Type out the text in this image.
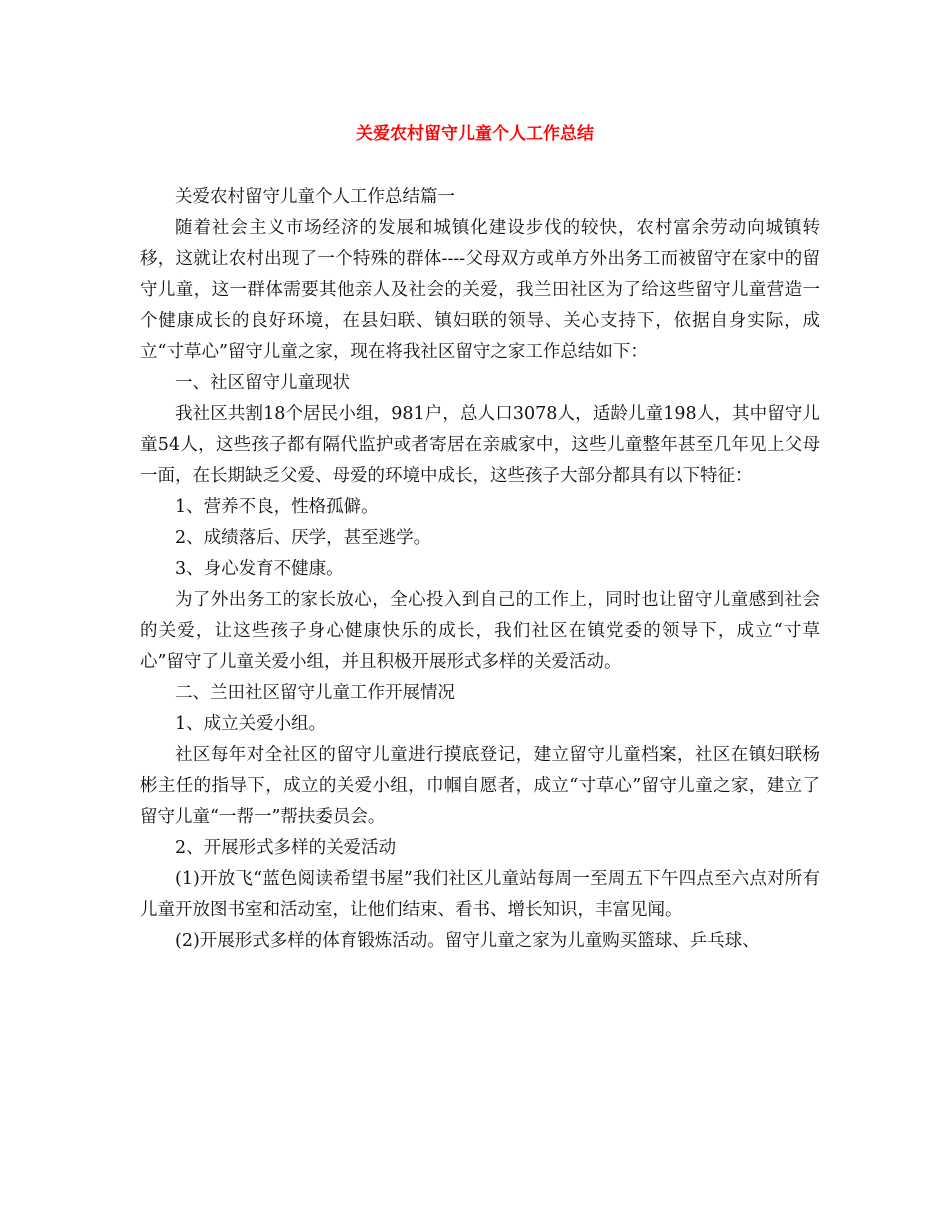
关爱农村留守儿童个人工作总结

关爱农村留守儿童个人工作总结篇一

随着社会主义市场经济的发展和城镇化建设步伐的较快，农村富余劳动向城镇转移，这就让农村出现了一个特殊的群体----父母双方或单方外出务工而被留守在家中的留守儿童，这一群体需要其他亲人及社会的关爱，我兰田社区为了给这些留守儿童营造一个健康成长的良好环境，在县妇联、镇妇联的领导、关心支持下，依据自身实际，成立“寸草心”留守儿童之家，现在将我社区留守之家工作总结如下：

一、社区留守儿童现状

我社区共割18个居民小组，981户，总人口3078人，适龄儿童198人，其中留守儿童54人，这些孩子都有隔代监护或者寄居在亲戚家中，这些儿童整年甚至几年见上父母一面，在长期缺乏父爱、母爱的环境中成长，这些孩子大部分都具有以下特征：

1、营养不良，性格孤僻。

2、成绩落后、厌学，甚至逃学。

3、身心发育不健康。

为了外出务工的家长放心，全心投入到自己的工作上，同时也让留守儿童感到社会的关爱，让这些孩子身心健康快乐的成长，我们社区在镇党委的领导下，成立“寸草心”留守了儿童关爱小组，并且积极开展形式多样的关爱活动。

二、兰田社区留守儿童工作开展情况

1、成立关爱小组。

社区每年对全社区的留守儿童进行摸底登记，建立留守儿童档案，社区在镇妇联杨彬主任的指导下，成立的关爱小组，巾帼自愿者，成立“寸草心”留守儿童之家，建立了留守儿童“一帮一”帮扶委员会。

2、开展形式多样的关爱活动

(1)开放飞“蓝色阅读希望书屋”我们社区儿童站每周一至周五下午四点至六点对所有儿童开放图书室和活动室，让他们结束、看书、增长知识，丰富见闻。

(2)开展形式多样的体育锻炼活动。留守儿童之家为儿童购买篮球、乒乓球、
